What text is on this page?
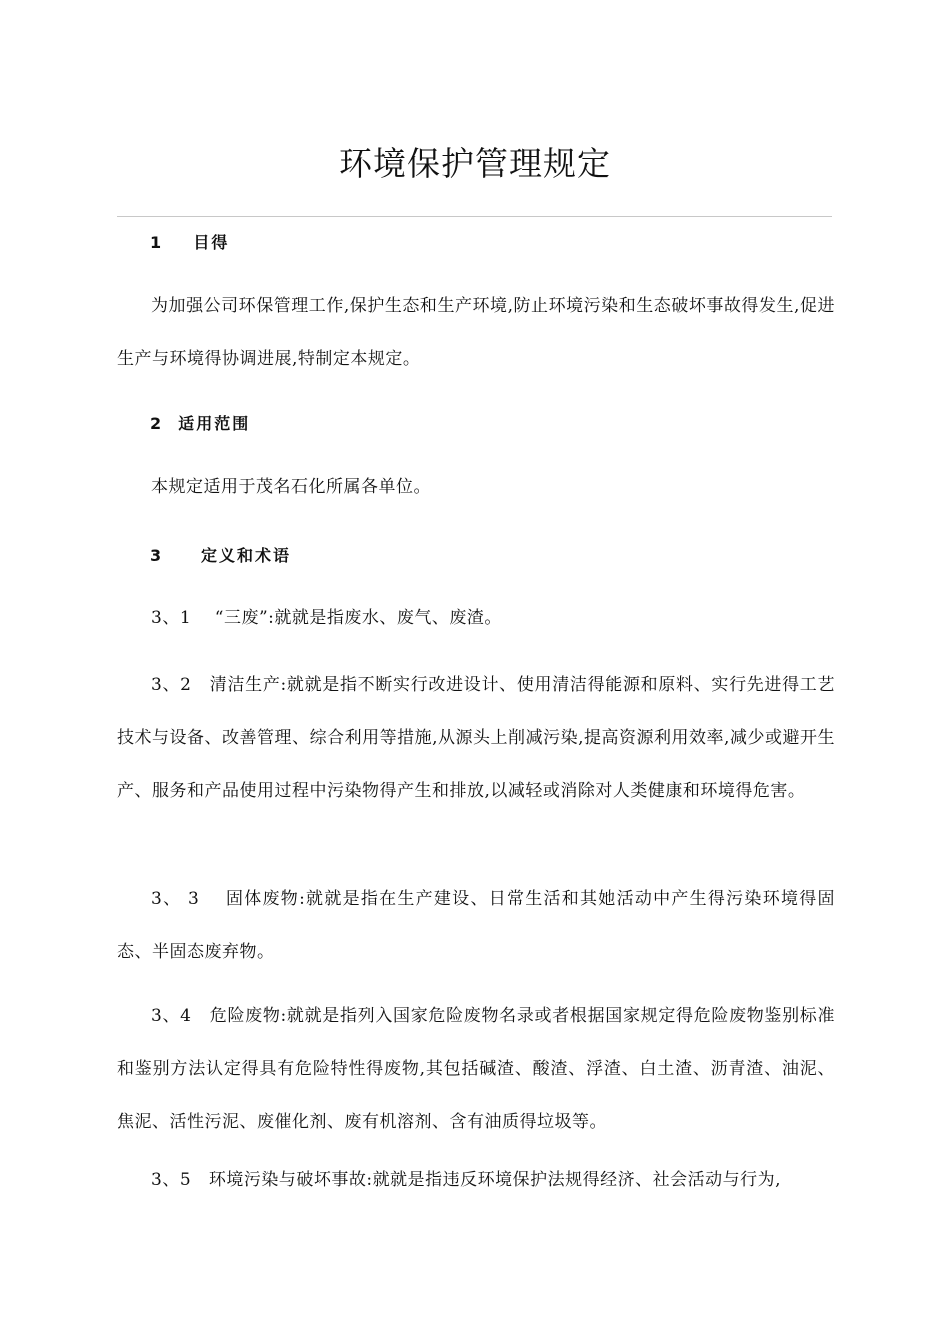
环境保护管理规定
1    目得
为加强公司环保管理工作,保护生态和生产环境,防止环境污染和生态破坏事故得发生,促进生产与环境得协调进展,特制定本规定。
2  适用范围
本规定适用于茂名石化所属各单位。
3     定义和术语
3、1    “三废”:就就是指废水、废气、废渣。
3、2   清洁生产:就就是指不断实行改进设计、使用清洁得能源和原料、实行先进得工艺技术与设备、改善管理、综合利用等措施,从源头上削减污染,提高资源利用效率,减少或避开生产、服务和产品使用过程中污染物得产生和排放,以减轻或消除对人类健康和环境得危害。
3、 3    固体废物:就就是指在生产建设、日常生活和其她活动中产生得污染环境得固态、半固态废弃物。
3、4   危险废物:就就是指列入国家危险废物名录或者根据国家规定得危险废物鉴别标准和鉴别方法认定得具有危险特性得废物,其包括碱渣、酸渣、浮渣、白土渣、沥青渣、油泥、焦泥、活性污泥、废催化剂、废有机溶剂、含有油质得垃圾等。
3、5   环境污染与破坏事故:就就是指违反环境保护法规得经济、社会活动与行为,
